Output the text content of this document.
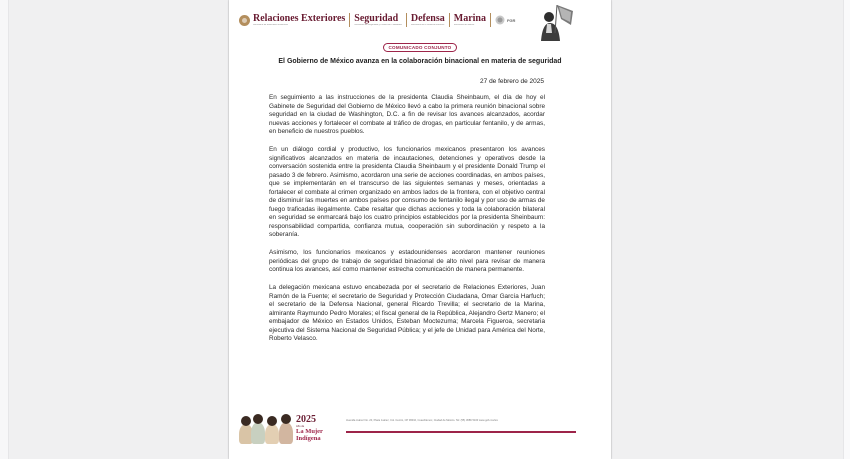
Relaciones Exteriores
Secretaría de Relaciones Exteriores
Seguridad
Secretaría de Seguridad y Protección Ciudadana
Defensa
Secretaría de la Defensa Nacional
Marina
Secretaría de Marina
FGR
COMUNICADO CONJUNTO
El Gobierno de México avanza en la colaboración binacional en materia de seguridad
27 de febrero de 2025

En seguimiento a las instrucciones de la presidenta Claudia Sheinbaum, el día de hoy el Gabinete de Seguridad del Gobierno de México llevó a cabo la primera reunión binacional sobre seguridad en la ciudad de Washington, D.C. a fin de revisar los avances alcanzados, acordar nuevas acciones y fortalecer el combate al tráfico de drogas, en particular fentanilo, y de armas, en beneficio de nuestros pueblos.

En un diálogo cordial y productivo, los funcionarios mexicanos presentaron los avances significativos alcanzados en materia de incautaciones, detenciones y operativos desde la conversación sostenida entre la presidenta Claudia Sheinbaum y el presidente Donald Trump el pasado 3 de febrero. Asimismo, acordaron una serie de acciones coordinadas, en ambos países, que se implementarán en el transcurso de las siguientes semanas y meses, orientadas a fortalecer el combate al crimen organizado en ambos lados de la frontera, con el objetivo central de disminuir las muertes en ambos países por consumo de fentanilo ilegal y por uso de armas de fuego traficadas ilegalmente. Cabe resaltar que dichas acciones y toda la colaboración bilateral en seguridad se enmarcará bajo los cuatro principios establecidos por la presidenta Sheinbaum: responsabilidad compartida, confianza mutua, cooperación sin subordinación y respeto a la soberanía.

Asimismo, los funcionarios mexicanos y estadounidenses acordaron mantener reuniones periódicas del grupo de trabajo de seguridad binacional de alto nivel para revisar de manera continua los avances, así como mantener estrecha comunicación de manera permanente.

La delegación mexicana estuvo encabezada por el secretario de Relaciones Exteriores, Juan Ramón de la Fuente; el secretario de Seguridad y Protección Ciudadana, Omar García Harfuch; el secretario de la Defensa Nacional, general Ricardo Trevilla; el secretario de la Marina, almirante Raymundo Pedro Morales; el fiscal general de la República, Alejandro Gertz Manero; el embajador de México en Estados Unidos, Esteban Moctezuma; Marcela Figueroa, secretaria ejecutiva del Sistema Nacional de Seguridad Pública; y el jefe de Unidad para América del Norte, Roberto Velasco.

2025
Año de
La Mujer
Indígena
Avenida Juárez No. 20, Plaza Juárez, Col. Centro, CP 06010, Cuauhtémoc, Ciudad de México. Tel: (55) 3686 5100 www.gob.mx/sre
